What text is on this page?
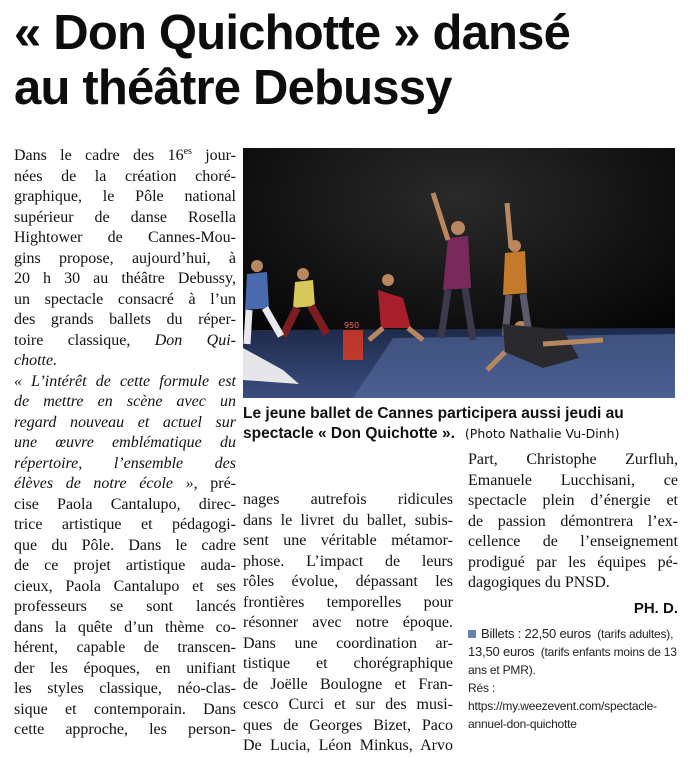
« Don Quichotte » dansé
au théâtre Debussy
Dans le cadre des $16^{es}$ jour-
nées de la création choré-
graphique, le Pôle national
supérieur de danse Rosella
Hightower de Cannes-Mou-
gins propose, aujourd’hui, à
20 h 30 au théâtre Debussy,
un spectacle consacré à l’un
des grands ballets du réper-
toire classique, Don Qui-
chotte.
« L’intérêt de cette formule est
de mettre en scène avec un
regard nouveau et actuel sur
une œuvre emblématique du
répertoire, l’ensemble des
élèves de notre école », pré-
cise Paola Cantalupo, direc-
trice artistique et pédagogi-
que du Pôle. Dans le cadre
de ce projet artistique auda-
cieux, Paola Cantalupo et ses
professeurs se sont lancés
dans la quête d’un thème co-
hérent, capable de transcen-
der les époques, en unifiant
les styles classique, néo-clas-
sique et contemporain. Dans
cette approche, les person-
950
Le jeune ballet de Cannes participera aussi jeudi au
spectacle « Don Quichotte ». (Photo Nathalie Vu-Dinh)
nages autrefois ridicules
dans le livret du ballet, subis-
sent une véritable métamor-
phose. L’impact de leurs
rôles évolue, dépassant les
frontières temporelles pour
résonner avec notre époque.
Dans une coordination ar-
tistique et chorégraphique
de Joëlle Boulogne et Fran-
cesco Curci et sur des musi-
ques de Georges Bizet, Paco
De Lucia, Léon Minkus, Arvo
Part, Christophe Zurfluh,
Emanuele Lucchisani, ce
spectacle plein d’énergie et
de passion démontrera l’ex-
cellence de l’enseignement
prodigué par les équipes pé-
dagogiques du PNSD.
PH. D.

Billets : 22,50 euros (tarifs adultes),

13,50 euros (tarifs enfants moins de 13

ans et PMR).

Rés : https://my.weezevent.com/spectacle-

annuel-don-quichotte
